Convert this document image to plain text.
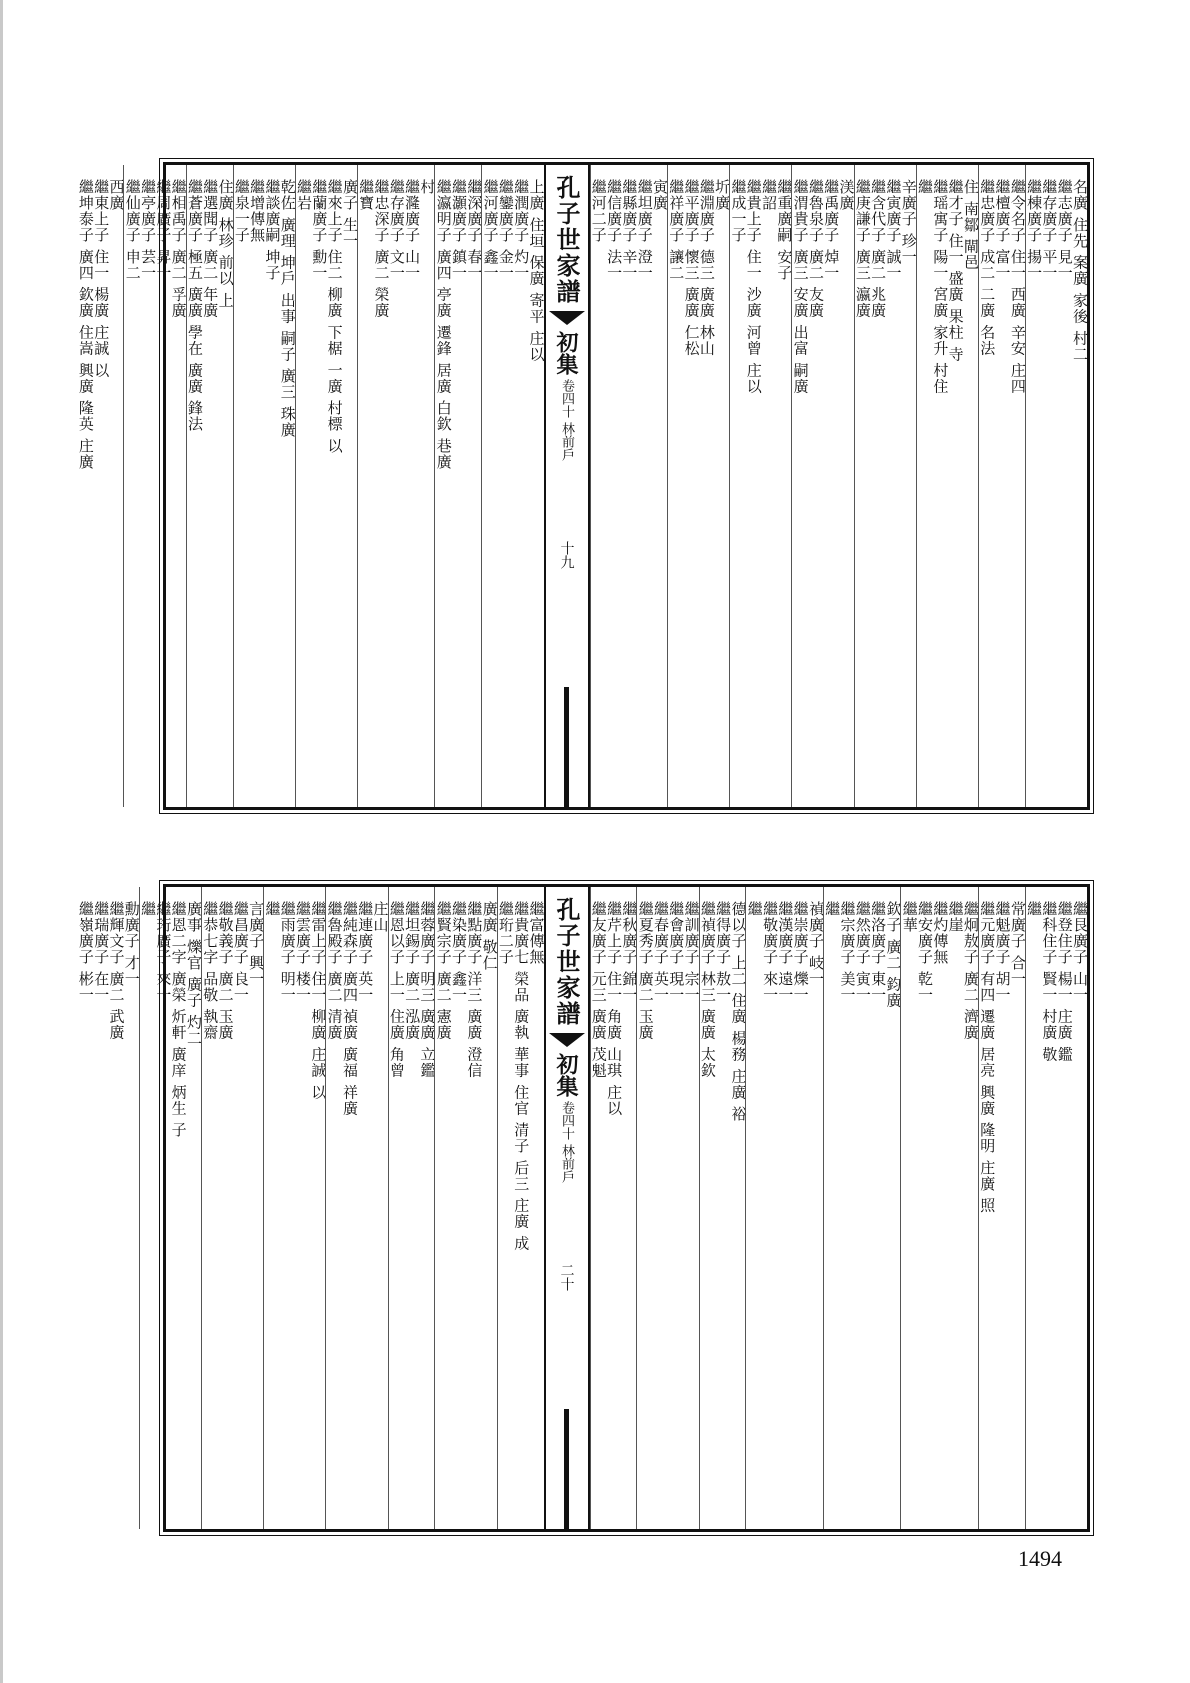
名廣 住先 案廣 家後 村二
繼志廣子 見一
繼存廣子 平一
繼棟廣子 揚一
繼令名子 住一 西廣 辛安 庄四
繼檀廣子 富一
繼忠廣子 成二 二廣 名法
住 南鄒 閘邑
繼才子 住一 盛廣 果柱 寺
繼瑶寓子 陽一 宮廣 家升 村住
繼
辛廣子 珍一
繼寅廣子 誠一
繼含代子 廣二 兆廣
繼庚謙子 廣三 瀛廣
渼廣
繼禹廣子 焯一
繼魯泉子 廣二 友廣
繼渭貴子 廣三 安廣 出富 嗣廣
繼重廣嗣 安子
繼詔
繼貴上子 住一 沙廣 河曾 庄以
繼成一子
圻廣
繼淵廣子 德三 廣廣 林山
繼平廣子 懷三 廣廣 仁松
繼祥廣子 讓二
寅廣
繼坦廣子 澄一
繼縣廣子 辛一
繼信廣子 法一
繼河二子
孔子世家譜
初集
卷四十 林前戶
十九
上廣 住垣 保廣 寄平 庄以
繼潤廣子 灼一
繼鑾廣子 金一
繼河廣子 鑫一
繼深廣子 春一
繼灝廣子 鎮一
繼瀛明子 廣四 亭廣 遷鋒 居廣 白欽 巷廣
村
繼漋廣子 山一
繼存廣子 文一
繼忠深子 廣二 榮廣
繼寶
廣子 生一
繼來上子 住二 柳廣 下椐 一廣 村標 以
繼蘭廣子 勳一
繼岩
乾佐 廣理 坤戶 出事 嗣子 廣三 珠廣
繼談廣嗣 坤子
繼增傳無
繼泉一子
住廣 林珍 前以 上
繼選聞子 廣二 年廣
繼蒼廣子 極五 廣廣 學在 廣廣 鋒法
繼相禹子 廣二 孚廣
繼周廣子 昇一
繼亭廣子 芸一
繼仙廣子 申二
西廣
繼東上子 住一 楊廣 庄誠 以
繼坤泰子 廣四 欽廣 住嵩 興廣 隆英 庄廣
繼艮廣子 山一
繼登住子 楊一 庄廣 鑑
繼科住子 賢一 村廣 敬
繼
常廣子 合一
繼魁廣子 胡一
繼元廣子 有四 遷廣 居亮 興廣 隆明 庄廣 照
繼炯敖子 廣二 濟廣
繼崖
繼灼傳無
繼安廣子 乾一
繼華
欽子 廣二 鈞廣
繼洛廣子 東一
繼然廣子 寅一
繼宗廣子 美一
繼
禎廣子 岐一
繼崇廣子 爍一
繼漢廣子 遠一
繼敬廣子 來一
繼
德以子 上二 住廣 楊務 庄廣 裕
繼得廣子 敖一
繼禎廣子 林三 廣廣 太欽
繼訓廣子 宗一
繼會廣子 現一
繼春廣子 英一
繼夏秀子 廣二 玉廣
繼秋廣子 錦一
繼芹上子 住一 角廣 山琪 庄以
繼友廣子 元三 廣廣 茂魁
孔子世家譜
初集
卷四十 林前戶
二十
繼富傳無
繼貴廣七 榮品 廣執 華事 住官 清子 后三 庄廣 成
繼珩二子
廣廣 敬仁
繼點廣子 洋三 廣廣 澄信
繼染廣子 鑫一
繼賢宗子 廣二 憲廣
繼蓉廣子 明三 廣廣 立鑑
繼坦錫子 廣二 泓廣
繼恩以子 上一 住廣 角曾
庄山
繼連廣子 英一
繼純森子 廣四 禎廣 廣福 祥廣
繼魯殿子 廣二 清廣
繼雷上子 住一 柳廣 庄誠 以
繼雲廣子 楼一
繼雨廣子 明一
繼
言廣子 興一
繼昌廣子 良一
繼敬義子 廣二 玉廣
繼恭七字 品敬 執齋
廣事 爍官 廣子 灼二
繼恩二字 廣榮 炘軒 廣庠 炳生 子
繼珩廣子 來一
繼
勳廣子 才一
繼輝文子 廣二 武廣
繼瑞廣子 在一
繼嶺廣子 彬一
1494
